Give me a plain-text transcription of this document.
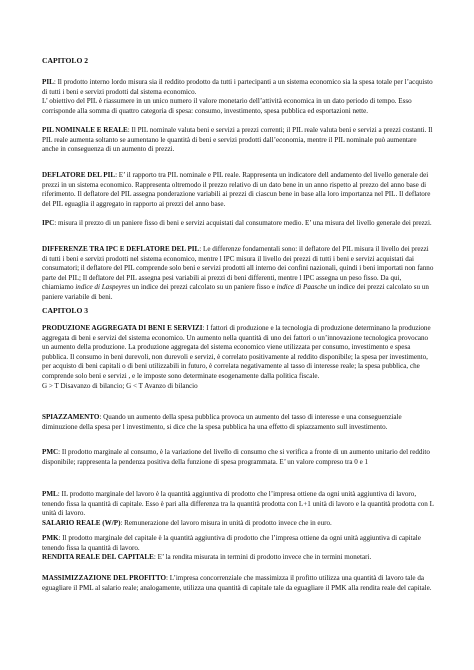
CAPITOLO 2

PIL: Il prodotto interno lordo misura sia il reddito prodotto da tutti i partecipanti a un sistema economico sia la spesa totale per l’acquisto di tutti i beni e servizi prodotti dal sistema economico.
L’ obiettivo del PIL è riassumere in un unico numero il valore monetario dell’attività economica in un dato periodo di tempo. Esso corrisponde alla somma di quattro categoria di spesa: consumo, investimento, spesa pubblica ed esportazioni nette.

PIL NOMINALE E REALE: Il PIL nominale valuta beni e servizi a prezzi correnti; il PIL reale valuta beni e servizi a prezzi costanti. Il PIL reale aumenta soltanto se aumentano le quantità di beni e servizi prodotti dall’economia, mentre il PIL nominale può aumentare anche in conseguenza di un aumento di prezzi.

DEFLATORE DEL PIL: E’ il rapporto tra PIL nominale e PIL reale. Rappresenta un indicatore dell andamento del livello generale dei prezzi in un sistema economico. Rappresenta oltremodo il prezzo relativo di un dato bene in un anno rispetto al prezzo del anno base di riferimento. Il deflatore del PIL assegna ponderazione variabili ai prezzi di ciascun bene in base alla loro importanza nel PIL. Il deflatore del PIL eguaglia il aggregato in rapporto ai prezzi del anno base.

IPC: misura il prezzo di un paniere fisso di beni e servizi acquistati dal consumatore medio. E’ una misura del livello generale dei prezzi.

DIFFERENZE TRA IPC E DEFLATORE DEL PIL: Le differenze fondamentali sono: il deflatore del PIL misura il livello dei prezzi di tutti i beni e servizi prodotti nel sistema economico, mentre l IPC misura il livello dei prezzi di tutti i beni e servizi acquistati dai consumatori; il deflatore del PIL comprende solo beni e servizi prodotti all interno dei confini nazionali, quindi i beni importati non fanno parte del PIL; Il deflatore del PIL assegna pesi variabili ai prezzi di beni differenti, mentre l IPC assegna un peso fisso. Da qui, chiamiamo indice di Laspeyres un indice dei prezzi calcolato su un paniere fisso e indice di Paasche un indice dei prezzi calcolato su un paniere variabile di beni.

CAPITOLO 3

PRODUZIONE AGGREGATA DI BENI E SERVIZI: I fattori di produzione e la tecnologia di produzione determinano la produzione aggregata di beni e servizi del sistema economico. Un aumento nella quantità di uno dei fattori o un’innovazione tecnologica provocano un aumento della produzione. La produzione aggregata del sistema economico viene utilizzata per consumo, investimento e spesa pubblica. Il consumo in beni durevoli, non durevoli e servizi, è correlato positivamente al reddito disponibile; la spesa per investimento, per acquisto di beni capitali o di beni utilizzabili in futuro, è correlata negativamente al tasso di interesse reale; la spesa pubblica, che comprende solo beni e servizi , e le imposte sono determinate esogenamente dalla politica fiscale.
G > T Disavanzo di bilancio; G < T Avanzo di bilancio

SPIAZZAMENTO: Quando un aumento della spesa pubblica provoca un aumento del tasso di interesse e una conseguenziale diminuzione della spesa per l investimento, si dice che la spesa pubblica ha una effetto di spiazzamento sull investimento.

PMC: Il prodotto marginale al consumo, è la variazione del livello di consumo che si verifica a fronte di un aumento unitario del reddito disponibile; rappresenta la pendenza positiva della funzione di spesa programmata. E’ un valore compreso tra 0 e 1

PML: IL prodotto marginale del lavoro è la quantità aggiuntiva di prodotto che l’impresa ottiene da ogni unità aggiuntiva di lavoro, tenendo fissa la quantità di capitale. Esso è pari alla differenza tra la quantità prodotta con L+1 unità di lavoro e la quantità prodotta con L unità di lavoro.
SALARIO REALE (W/P): Remunerazione del lavoro misura in unità di prodotto invece che in euro.

PMK: Il prodotto marginale del capitale è la quantità aggiuntiva di prodotto che l’impresa ottiene da ogni unità aggiuntiva di capitale tenendo fissa la quantità di lavoro.
RENDITA REALE DEL CAPITALE: E’ la rendita misurata in termini di prodotto invece che in termini monetari.

MASSIMIZZAZIONE DEL PROFITTO: L’impresa concorrenziale che massimizza il profitto utilizza una quantità di lavoro tale da eguagliare il PML al salario reale; analogamente, utilizza una quantità di capitale tale da eguagliare il PMK alla rendita reale del capitale.
